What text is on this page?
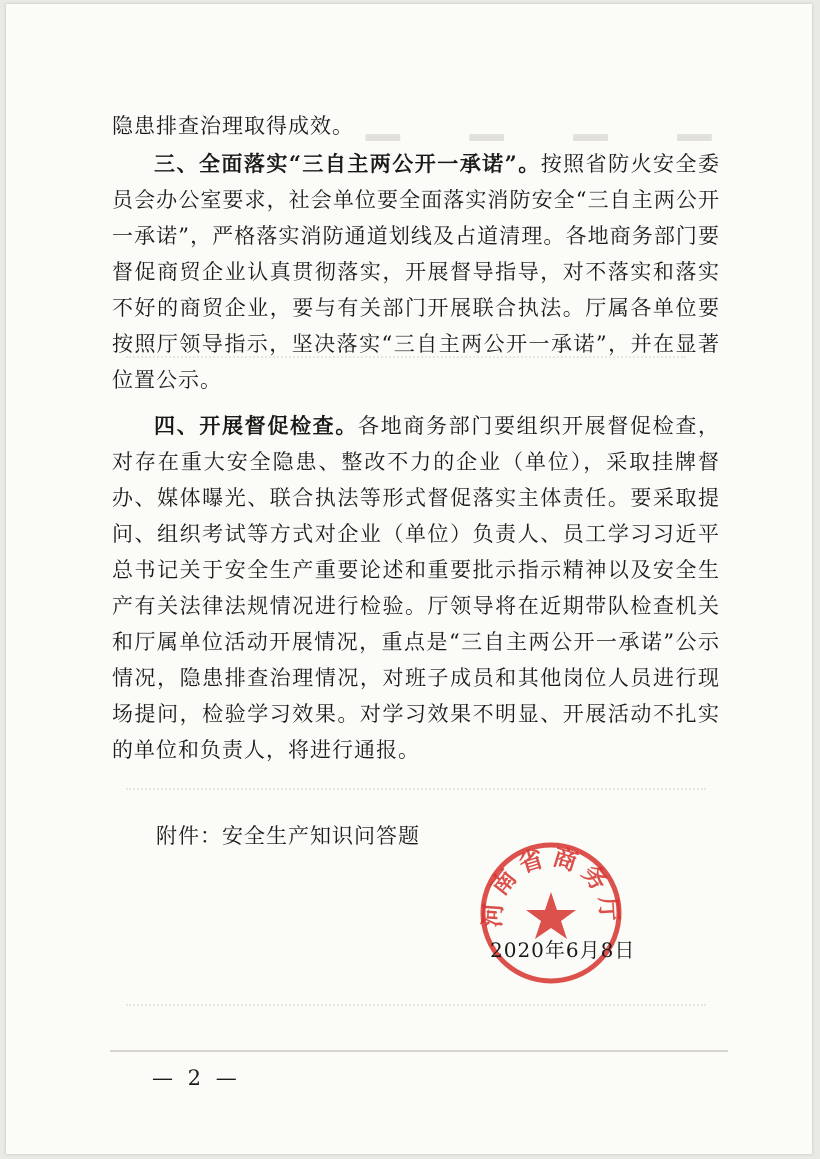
▁ ▁ ▁ ▁
隐患排查治理取得成效。
三、全面落实“三自主两公开一承诺”。按照省防火安全委员会办公室要求，社会单位要全面落实消防安全“三自主两公开一承诺”，严格落实消防通道划线及占道清理。各地商务部门要督促商贸企业认真贯彻落实，开展督导指导，对不落实和落实不好的商贸企业，要与有关部门开展联合执法。厅属各单位要按照厅领导指示，坚决落实“三自主两公开一承诺”，并在显著位置公示。
四、开展督促检查。各地商务部门要组织开展督促检查，对存在重大安全隐患、整改不力的企业（单位），采取挂牌督办、媒体曝光、联合执法等形式督促落实主体责任。要采取提问、组织考试等方式对企业（单位）负责人、员工学习习近平总书记关于安全生产重要论述和重要批示指示精神以及安全生产有关法律法规情况进行检验。厅领导将在近期带队检查机关和厅属单位活动开展情况，重点是“三自主两公开一承诺”公示情况，隐患排查治理情况，对班子成员和其他岗位人员进行现场提问，检验学习效果。对学习效果不明显、开展活动不扎实的单位和负责人，将进行通报。
附件：安全生产知识问答题
河南省商务厅
2020年6月8日
— 2 —
